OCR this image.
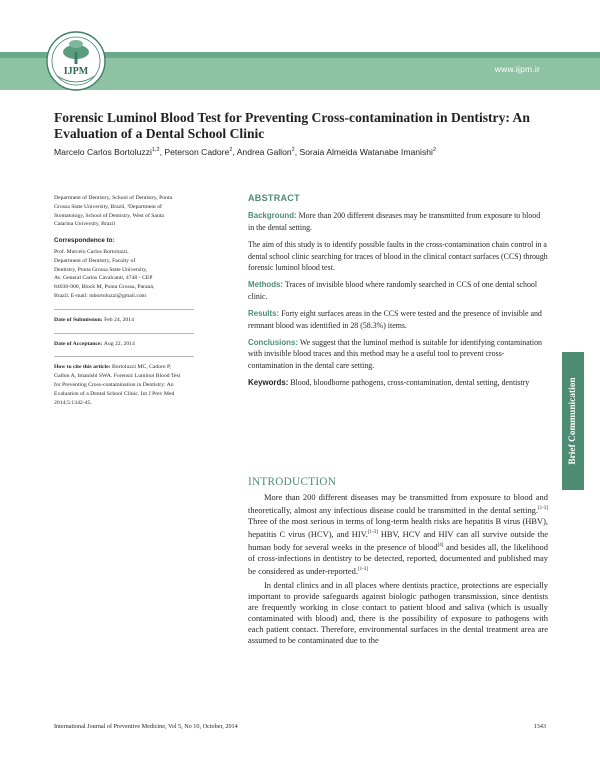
IJPM	www.ijpm.ir
Forensic Luminol Blood Test for Preventing Cross-contamination in Dentistry: An Evaluation of a Dental School Clinic
Marcelo Carlos Bortoluzzi$^{1,2}$, Peterson Cadore$^2$, Andrea Gallon$^2$, Soraia Almeida Watanabe Imanishi$^2$
Department of Dentistry, School of Dentistry, Ponta
Grossa State University, Brazil, ²Department of
Stomatology, School of Dentistry, West of Santa
Catarina University, Brazil
Correspondence to:
Prof. Marcelo Carlos Bortoluzzi,
Department of Dentistry, Faculty of
Dentistry, Ponta Grossa State University,
Av. General Carlos Cavalcanti, 4748 - CEP
84030-900, Block M, Ponta Grossa, Paraná,
Brazil. E-mail: mbortoluzzi@gmail.com
Date of Submission: Feb 24, 2014
Date of Acceptance: Aug 22, 2014
How to cite this article: Bortoluzzi MC, Cadore P,
Gallon A, Imanishi SWA. Forensic Luminol Blood Test
for Preventing Cross-contamination in Dentistry: An
Evaluation of a Dental School Clinic. Int J Prev Med
2014;5:1342-45.
ABSTRACT

Background: More than 200 different diseases may be transmitted from exposure to blood in the dental setting.

The aim of this study is to identify possible faults in the cross-contamination chain control in a dental school clinic searching for traces of blood in the clinical contact surfaces (CCS) through forensic luminol blood test.

Methods: Traces of invisible blood where randomly searched in CCS of one dental school clinic.

Results: Forty eight surfaces areas in the CCS were tested and the presence of invisible and remnant blood was identified in 28 (58.3%) items.

Conclusions: We suggest that the luminol method is suitable for identifying contamination with invisible blood traces and this method may be a useful tool to prevent cross-contamination in the dental care setting.

Keywords: Blood, bloodborne pathogens, cross-contamination, dental setting, dentistry	Brief Communication
INTRODUCTION

More than 200 different diseases may be transmitted from exposure to blood and theoretically, almost any infectious disease could be transmitted in the dental setting.[1-3] Three of the most serious in terms of long-term health risks are hepatitis B virus (HBV), hepatitis C virus (HCV), and HIV.[1-3] HBV, HCV and HIV can all survive outside the human body for several weeks in the presence of blood[4] and besides all, the likelihood of cross-infections in dentistry to be detected, reported, documented and published may be considered as under-reported.[1-3]

In dental clinics and in all places where dentists practice, protections are especially important to provide safeguards against biologic pathogen transmission, since dentists are frequently working in close contact to patient blood and saliva (which is usually contaminated with blood) and, there is the possibility of exposure to pathogens with each patient contact. Therefore, environmental surfaces in the dental treatment area are assumed to be contaminated due to the

International Journal of Preventive Medicine, Vol 5, No 10, October, 2014	1343
